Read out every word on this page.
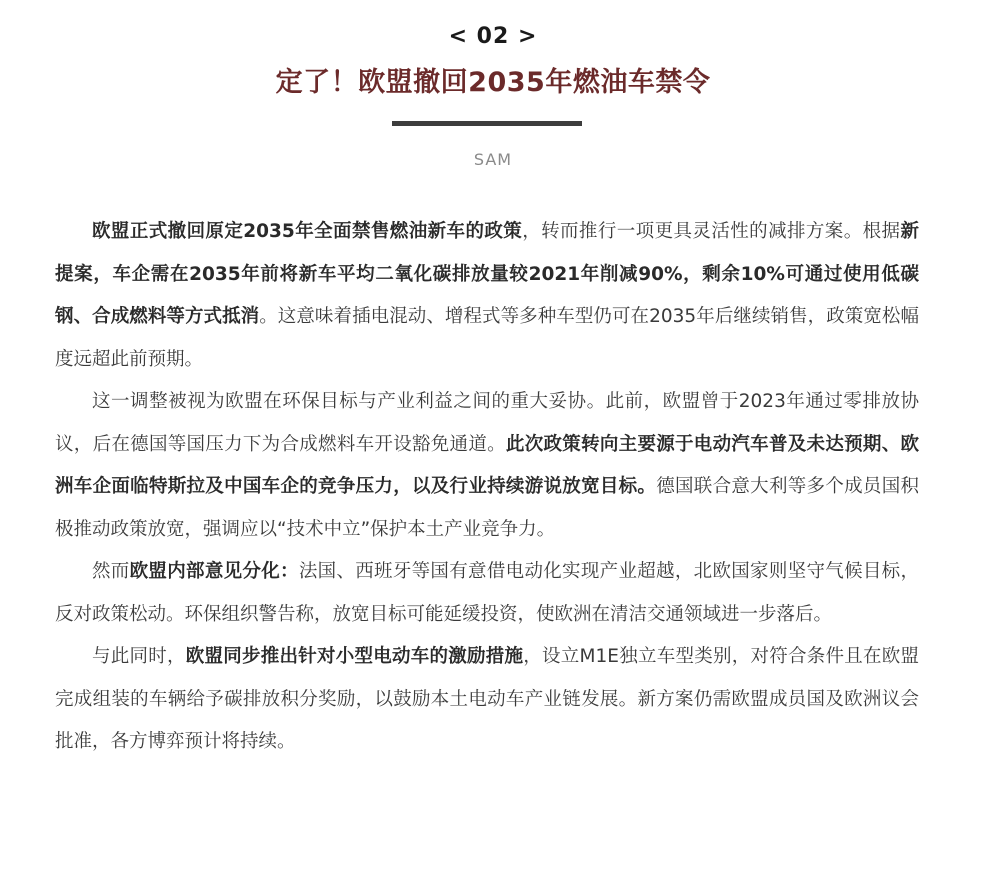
< 02 >
定了！欧盟撤回2035年燃油车禁令
SAM

欧盟正式撤回原定2035年全面禁售燃油新车的政策，转而推行一项更具灵活性的减排方案。根据新提案，车企需在2035年前将新车平均二氧化碳排放量较2021年削减90%，剩余10%可通过使用低碳钢、合成燃料等方式抵消。这意味着插电混动、增程式等多种车型仍可在2035年后继续销售，政策宽松幅度远超此前预期。

这一调整被视为欧盟在环保目标与产业利益之间的重大妥协。此前，欧盟曾于2023年通过零排放协议，后在德国等国压力下为合成燃料车开设豁免通道。此次政策转向主要源于电动汽车普及未达预期、欧洲车企面临特斯拉及中国车企的竞争压力，以及行业持续游说放宽目标。德国联合意大利等多个成员国积极推动政策放宽，强调应以“技术中立”保护本土产业竞争力。

然而欧盟内部意见分化：法国、西班牙等国有意借电动化实现产业超越，北欧国家则坚守气候目标，反对政策松动。环保组织警告称，放宽目标可能延缓投资，使欧洲在清洁交通领域进一步落后。

与此同时，欧盟同步推出针对小型电动车的激励措施，设立M1E独立车型类别，对符合条件且在欧盟完成组装的车辆给予碳排放积分奖励，以鼓励本土电动车产业链发展。新方案仍需欧盟成员国及欧洲议会批准，各方博弈预计将持续。
